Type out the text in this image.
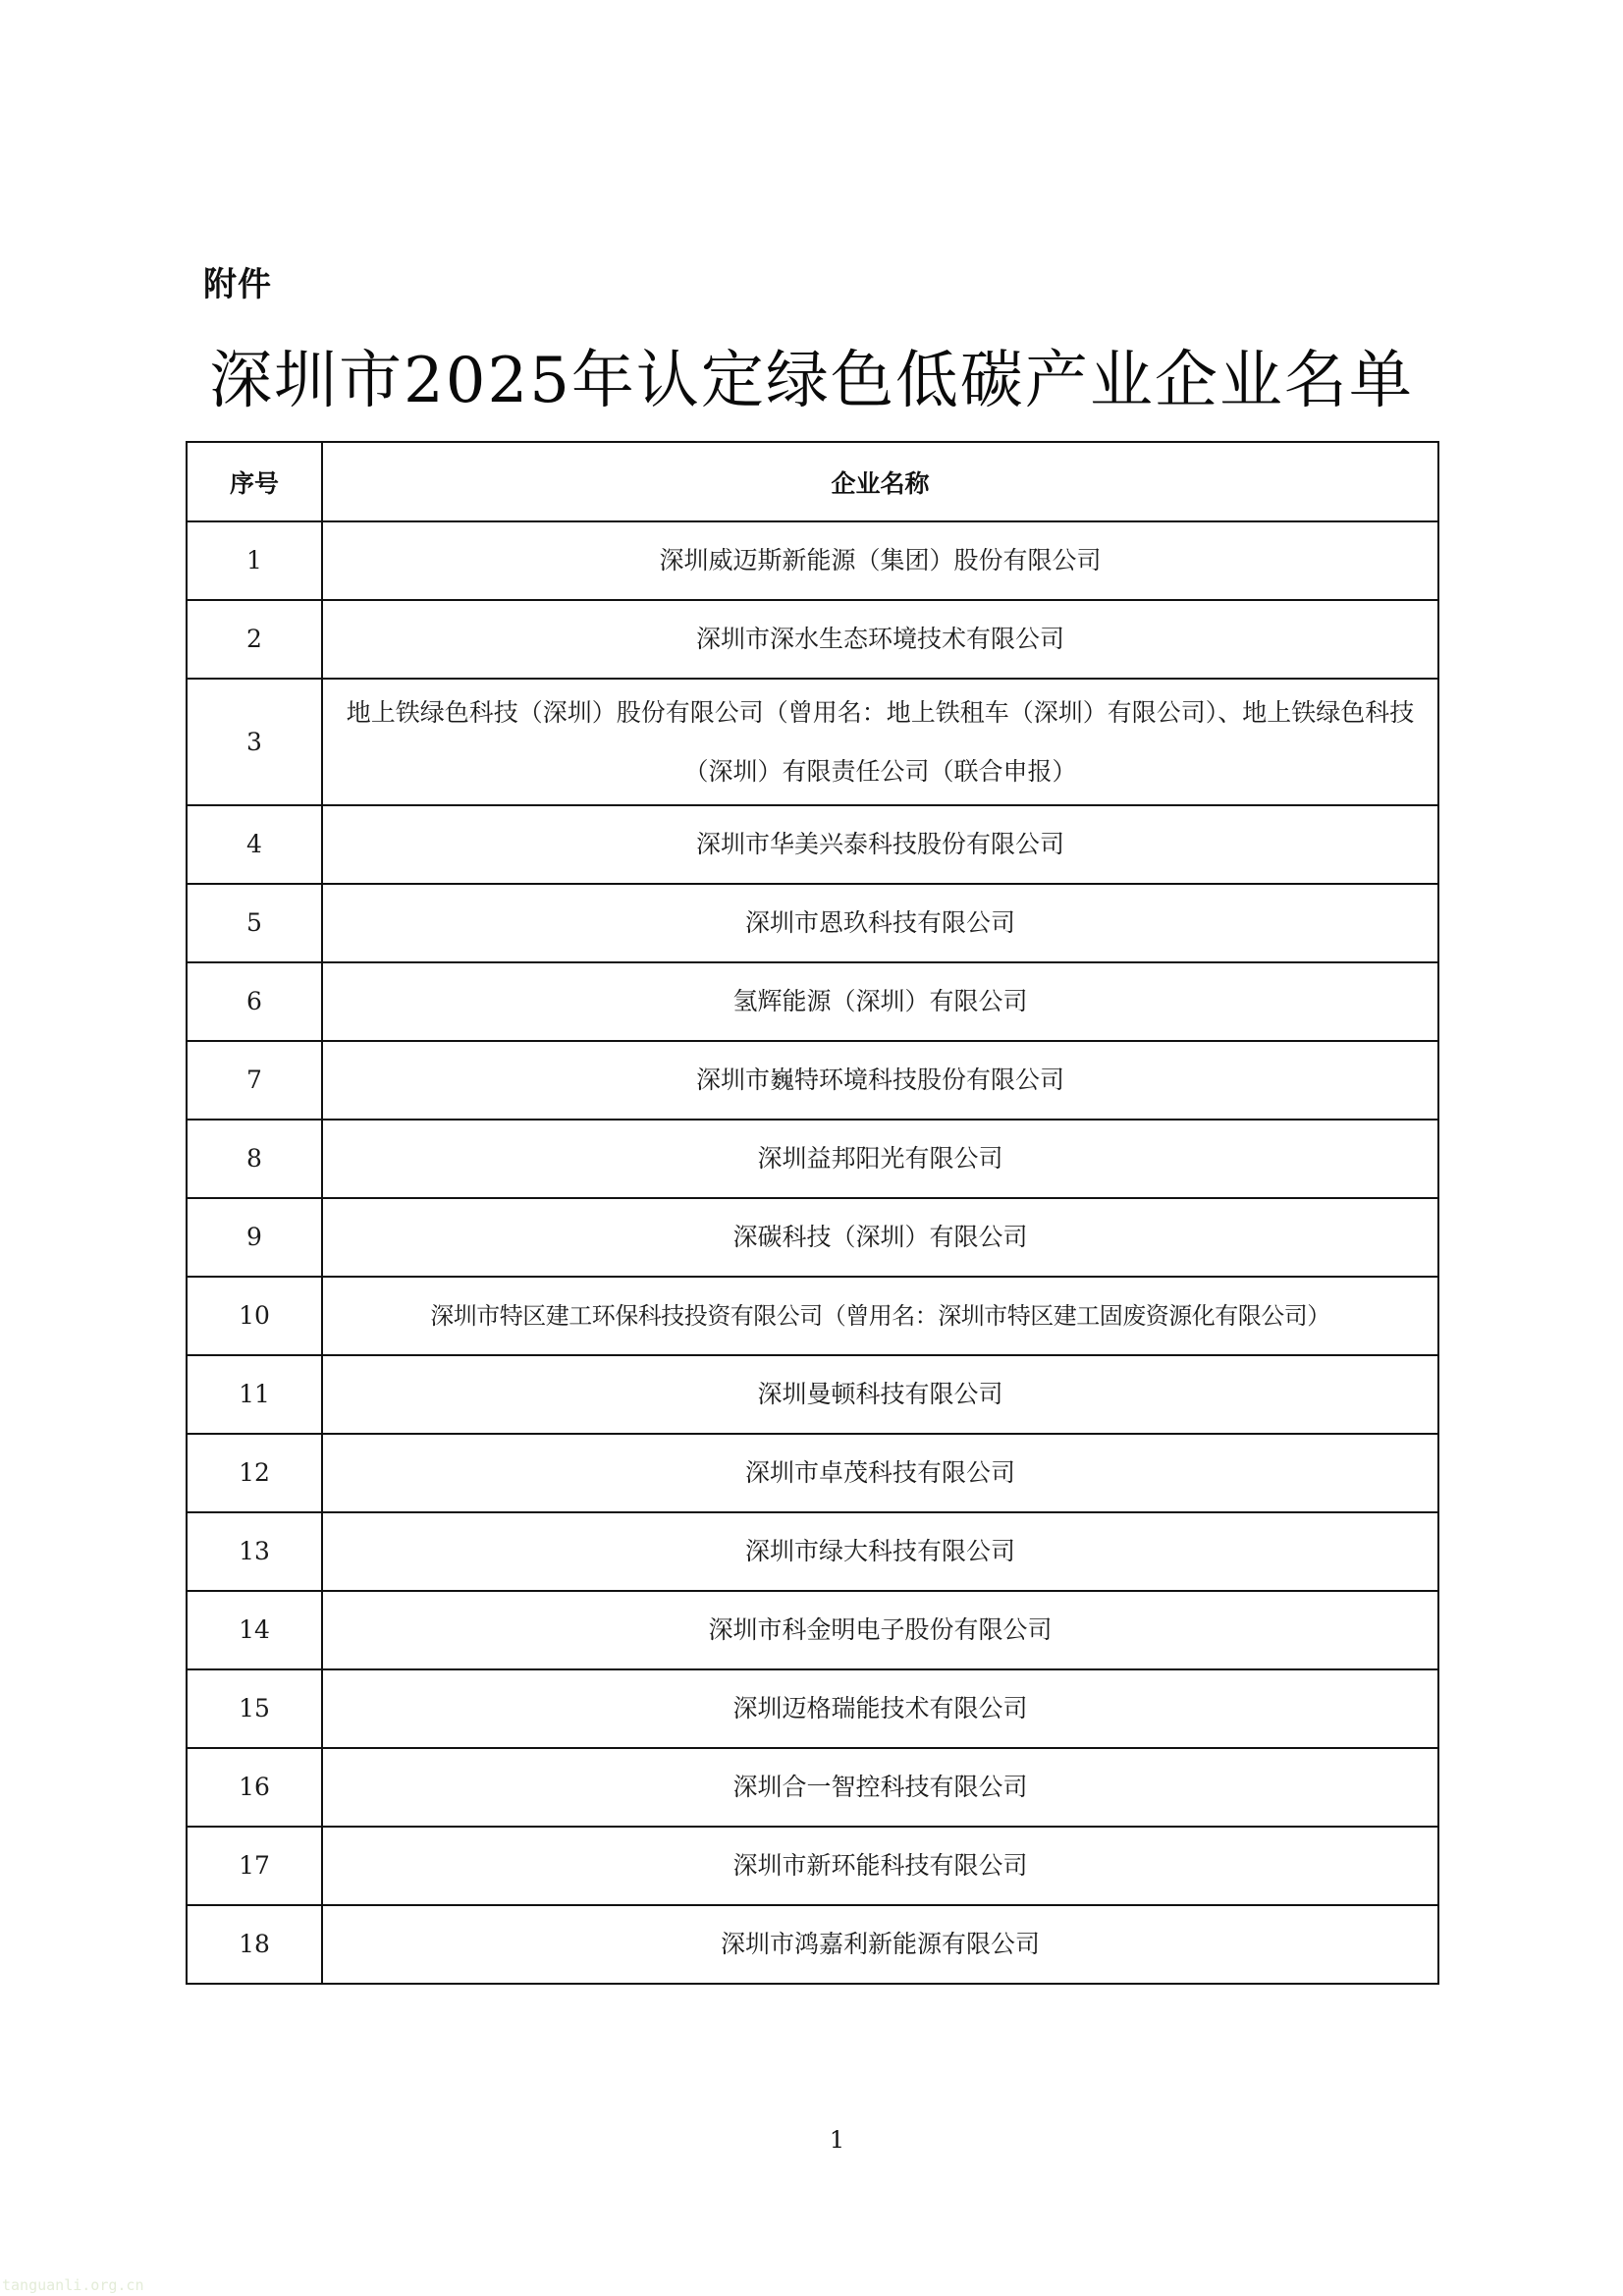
附件
深圳市2025年认定绿色低碳产业企业名单
序号	企业名称
1	深圳威迈斯新能源（集团）股份有限公司
2	深圳市深水生态环境技术有限公司
3	地上铁绿色科技（深圳）股份有限公司（曾用名：地上铁租车（深圳）有限公司）、地上铁绿色科技（深圳）有限责任公司（联合申报）
4	深圳市华美兴泰科技股份有限公司
5	深圳市恩玖科技有限公司
6	氢辉能源（深圳）有限公司
7	深圳市巍特环境科技股份有限公司
8	深圳益邦阳光有限公司
9	深碳科技（深圳）有限公司
10	深圳市特区建工环保科技投资有限公司（曾用名：深圳市特区建工固废资源化有限公司）
11	深圳曼顿科技有限公司
12	深圳市卓茂科技有限公司
13	深圳市绿大科技有限公司
14	深圳市科金明电子股份有限公司
15	深圳迈格瑞能技术有限公司
16	深圳合一智控科技有限公司
17	深圳市新环能科技有限公司
18	深圳市鸿嘉利新能源有限公司
1
tanguanli.org.cn
